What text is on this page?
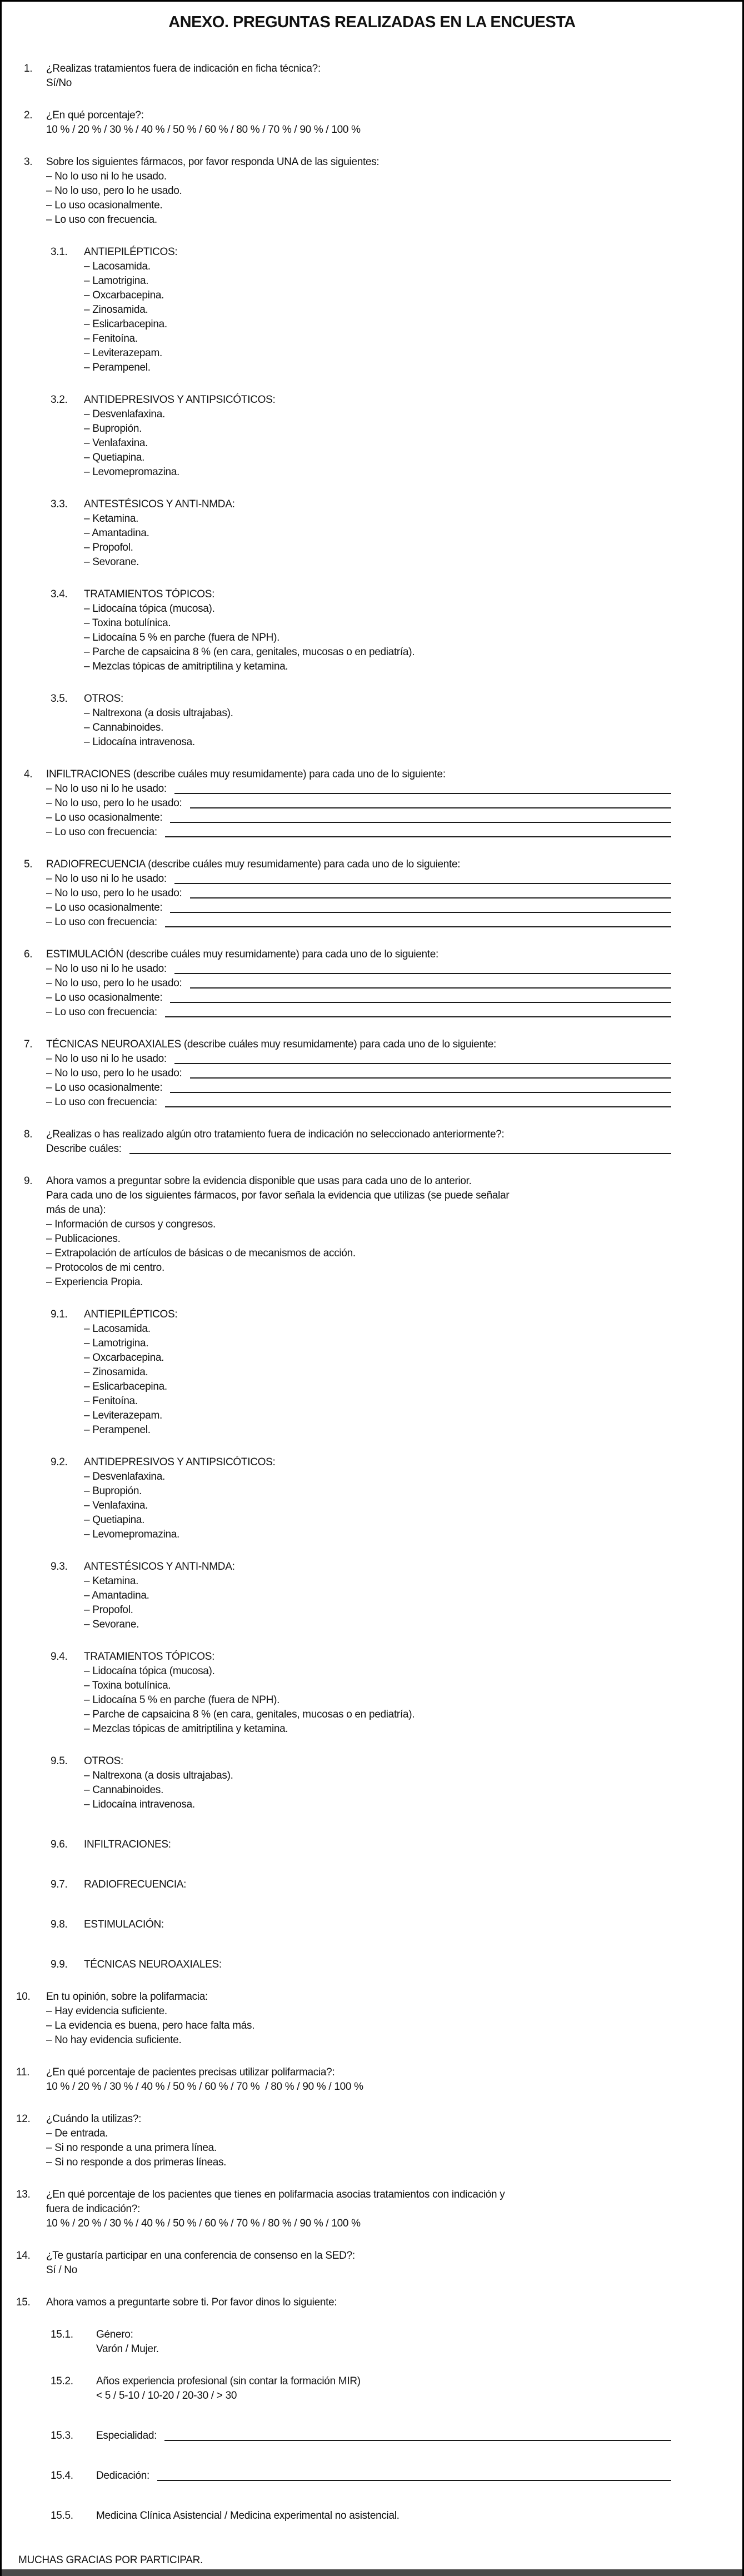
ANEXO. PREGUNTAS REALIZADAS EN LA ENCUESTA
1.	¿Realizas tratamientos fuera de indicación en ficha técnica?:
Sí/No
2.	¿En qué porcentaje?:
10 % / 20 % / 30 % / 40 % / 50 % / 60 % / 80 % / 70 % / 90 % / 100 %
3.	Sobre los siguientes fármacos, por favor responda UNA de las siguientes:
– No lo uso ni lo he usado.
– No lo uso, pero lo he usado.
– Lo uso ocasionalmente.
– Lo uso con frecuencia.
3.1.	ANTIEPILÉPTICOS:
– Lacosamida.
– Lamotrigina.
– Oxcarbacepina.
– Zinosamida.
– Eslicarbacepina.
– Fenitoína.
– Leviterazepam.
– Perampenel.
3.2.	ANTIDEPRESIVOS Y ANTIPSICÓTICOS:
– Desvenlafaxina.
– Bupropión.
– Venlafaxina.
– Quetiapina.
– Levomepromazina.
3.3.	ANTESTÉSICOS Y ANTI-NMDA:
– Ketamina.
– Amantadina.
– Propofol.
– Sevorane.
3.4.	TRATAMIENTOS TÓPICOS:
– Lidocaína tópica (mucosa).
– Toxina botulínica.
– Lidocaína 5 % en parche (fuera de NPH).
– Parche de capsaicina 8 % (en cara, genitales, mucosas o en pediatría).
– Mezclas tópicas de amitriptilina y ketamina.
3.5.	OTROS:
– Naltrexona (a dosis ultrajabas).
– Cannabinoides.
– Lidocaína intravenosa.
4.	INFILTRACIONES (describe cuáles muy resumidamente) para cada uno de lo siguiente:
– No lo uso ni lo he usado:
– No lo uso, pero lo he usado:
– Lo uso ocasionalmente:
– Lo uso con frecuencia:
5.	RADIOFRECUENCIA (describe cuáles muy resumidamente) para cada uno de lo siguiente:
– No lo uso ni lo he usado:
– No lo uso, pero lo he usado:
– Lo uso ocasionalmente:
– Lo uso con frecuencia:
6.	ESTIMULACIÓN (describe cuáles muy resumidamente) para cada uno de lo siguiente:
– No lo uso ni lo he usado:
– No lo uso, pero lo he usado:
– Lo uso ocasionalmente:
– Lo uso con frecuencia:
7.	TÉCNICAS NEUROAXIALES (describe cuáles muy resumidamente) para cada uno de lo siguiente:
– No lo uso ni lo he usado:
– No lo uso, pero lo he usado:
– Lo uso ocasionalmente:
– Lo uso con frecuencia:
8.	¿Realizas o has realizado algún otro tratamiento fuera de indicación no seleccionado anteriormente?:
Describe cuáles:
9.	Ahora vamos a preguntar sobre la evidencia disponible que usas para cada uno de lo anterior.
Para cada uno de los siguientes fármacos, por favor señala la evidencia que utilizas (se puede señalar
más de una):
– Información de cursos y congresos.
– Publicaciones.
– Extrapolación de artículos de básicas o de mecanismos de acción.
– Protocolos de mi centro.
– Experiencia Propia.
9.1.	ANTIEPILÉPTICOS:
– Lacosamida.
– Lamotrigina.
– Oxcarbacepina.
– Zinosamida.
– Eslicarbacepina.
– Fenitoína.
– Leviterazepam.
– Perampenel.
9.2.	ANTIDEPRESIVOS Y ANTIPSICÓTICOS:
– Desvenlafaxina.
– Bupropión.
– Venlafaxina.
– Quetiapina.
– Levomepromazina.
9.3.	ANTESTÉSICOS Y ANTI-NMDA:
– Ketamina.
– Amantadina.
– Propofol.
– Sevorane.
9.4.	TRATAMIENTOS TÓPICOS:
– Lidocaína tópica (mucosa).
– Toxina botulínica.
– Lidocaína 5 % en parche (fuera de NPH).
– Parche de capsaicina 8 % (en cara, genitales, mucosas o en pediatría).
– Mezclas tópicas de amitriptilina y ketamina.
9.5.	OTROS:
– Naltrexona (a dosis ultrajabas).
– Cannabinoides.
– Lidocaína intravenosa.
9.6.	INFILTRACIONES:
9.7.	RADIOFRECUENCIA:
9.8.	ESTIMULACIÓN:
9.9.	TÉCNICAS NEUROAXIALES:
10.	En tu opinión, sobre la polifarmacia:
– Hay evidencia suficiente.
– La evidencia es buena, pero hace falta más.
– No hay evidencia suficiente.
11.	¿En qué porcentaje de pacientes precisas utilizar polifarmacia?:
10 % / 20 % / 30 % / 40 % / 50 % / 60 % / 70 %  / 80 % / 90 % / 100 %
12.	¿Cuándo la utilizas?:
– De entrada.
– Si no responde a una primera línea.
– Si no responde a dos primeras líneas.
13.	¿En qué porcentaje de los pacientes que tienes en polifarmacia asocias tratamientos con indicación y
fuera de indicación?:
10 % / 20 % / 30 % / 40 % / 50 % / 60 % / 70 % / 80 % / 90 % / 100 %
14.	¿Te gustaría participar en una conferencia de consenso en la SED?:
Sí / No
15.	Ahora vamos a preguntarte sobre ti. Por favor dinos lo siguiente:
15.1.	Género:
Varón / Mujer.
15.2.	Años experiencia profesional (sin contar la formación MIR)
< 5 / 5-10 / 10-20 / 20-30 / > 30
15.3. Especialidad:
15.4. Dedicación:
15.5.	Medicina Clínica Asistencial / Medicina experimental no asistencial.
MUCHAS GRACIAS POR PARTICIPAR.
